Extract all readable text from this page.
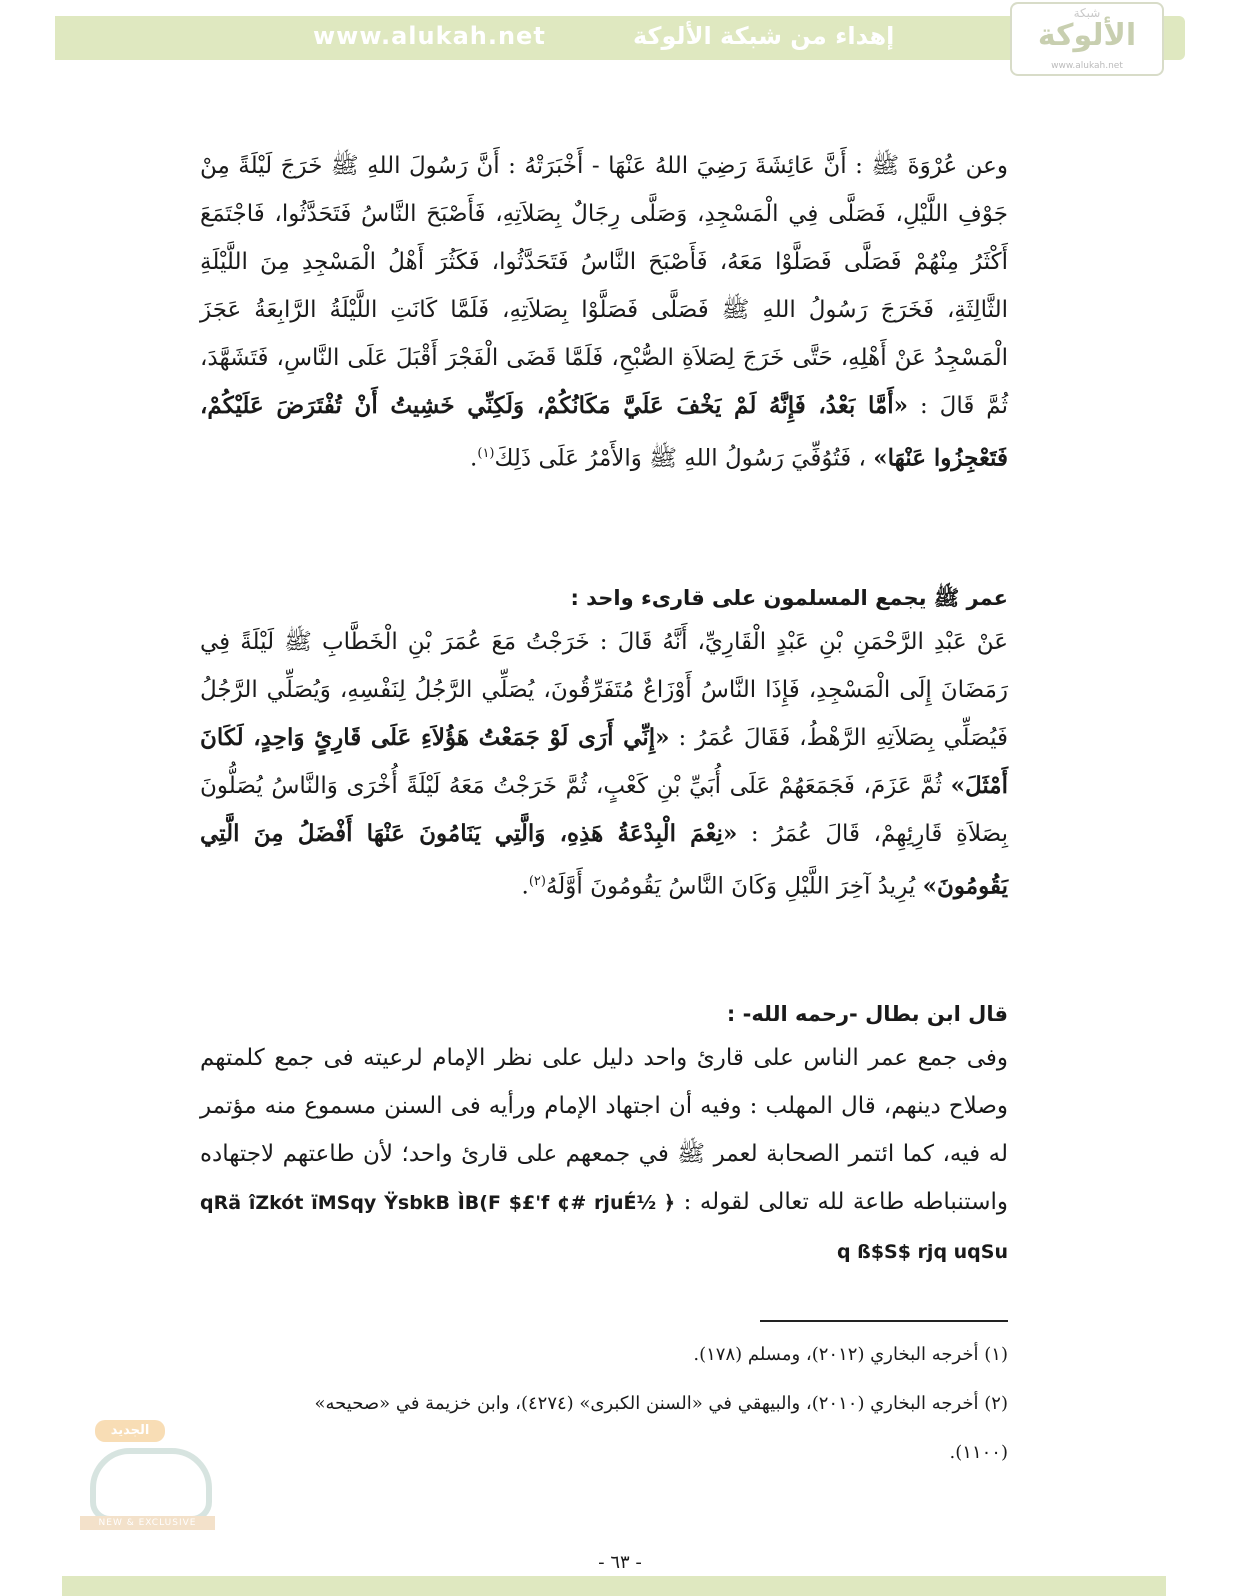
www.alukah.net	إهداء من شبكة الألوكة
شبكة
الألوكة
www.alukah.net

وعن عُرْوَةَ ﷺ : أَنَّ عَائِشَةَ رَضِيَ اللهُ عَنْهَا - أَخْبَرَتْهُ : أَنَّ رَسُولَ اللهِ ﷺ خَرَجَ لَيْلَةً مِنْ جَوْفِ اللَّيْلِ، فَصَلَّى فِي الْمَسْجِدِ، وَصَلَّى رِجَالٌ بِصَلاَتِهِ، فَأَصْبَحَ النَّاسُ فَتَحَدَّثُوا، فَاجْتَمَعَ أَكْثَرُ مِنْهُمْ فَصَلَّى فَصَلَّوْا مَعَهُ، فَأَصْبَحَ النَّاسُ فَتَحَدَّثُوا، فَكَثُرَ أَهْلُ الْمَسْجِدِ مِنَ اللَّيْلَةِ الثَّالِثَةِ، فَخَرَجَ رَسُولُ اللهِ ﷺ فَصَلَّى فَصَلَّوْا بِصَلاَتِهِ، فَلَمَّا كَانَتِ اللَّيْلَةُ الرَّابِعَةُ عَجَزَ الْمَسْجِدُ عَنْ أَهْلِهِ، حَتَّى خَرَجَ لِصَلاَةِ الصُّبْحِ، فَلَمَّا قَضَى الْفَجْرَ أَقْبَلَ عَلَى النَّاسِ، فَتَشَهَّدَ، ثُمَّ قَالَ : «أَمَّا بَعْدُ، فَإِنَّهُ لَمْ يَخْفَ عَلَيَّ مَكَانُكُمْ، وَلَكِنِّي خَشِيتُ أَنْ تُفْتَرَضَ عَلَيْكُمْ، فَتَعْجِزُوا عَنْهَا» ، فَتُوُفِّيَ رَسُولُ اللهِ ﷺ وَالأَمْرُ عَلَى ذَلِكَ$^{(١)}$.

عمر ﷺ يجمع المسلمون على قارىء واحد :

عَنْ عَبْدِ الرَّحْمَنِ بْنِ عَبْدٍ الْقَارِيِّ، أَنَّهُ قَالَ : خَرَجْتُ مَعَ عُمَرَ بْنِ الْخَطَّابِ ﷺ لَيْلَةً فِي رَمَضَانَ إِلَى الْمَسْجِدِ، فَإِذَا النَّاسُ أَوْزَاعٌ مُتَفَرِّقُونَ، يُصَلِّي الرَّجُلُ لِنَفْسِهِ، وَيُصَلِّي الرَّجُلُ فَيُصَلِّي بِصَلاَتِهِ الرَّهْطُ، فَقَالَ عُمَرُ : «إِنِّي أَرَى لَوْ جَمَعْتُ هَؤُلاَءِ عَلَى قَارِئٍ وَاحِدٍ، لَكَانَ أَمْثَلَ» ثُمَّ عَزَمَ، فَجَمَعَهُمْ عَلَى أُبَيِّ بْنِ كَعْبٍ، ثُمَّ خَرَجْتُ مَعَهُ لَيْلَةً أُخْرَى وَالنَّاسُ يُصَلُّونَ بِصَلاَةِ قَارِئِهِمْ، قَالَ عُمَرُ : «نِعْمَ الْبِدْعَةُ هَذِهِ، وَالَّتِي يَنَامُونَ عَنْهَا أَفْضَلُ مِنَ الَّتِي يَقُومُونَ» يُرِيدُ آخِرَ اللَّيْلِ وَكَانَ النَّاسُ يَقُومُونَ أَوَّلَهُ$^{(٢)}$.

قال ابن بطال -رحمه الله- :

وفى جمع عمر الناس على قارئ واحد دليل على نظر الإمام لرعيته فى جمع كلمتهم وصلاح دينهم، قال المهلب : وفيه أن اجتهاد الإمام ورأيه فى السنن مسموع منه مؤتمر له فيه، كما ائتمر الصحابة لعمر ﷺ في جمعهم على قارئ واحد؛ لأن طاعتهم لاجتهاده واستنباطه طاعة لله تعالى لقوله : ﴿ ½qRä îZkót ïMSqy ŸsbkB ÌB(F $£'f ¢# rjuÉ q ß$S$ rjq uqSu

(١) أخرجه البخاري (٢٠١٢)، ومسلم (١٧٨).
(٢) أخرجه البخاري (٢٠١٠)، والبيهقي في «السنن الكبرى» (٤٢٧٤)، وابن خزيمة في «صحيحه»
(١١٠٠).
الجديد
NEW & EXCLUSIVE
- ٦٣ -
